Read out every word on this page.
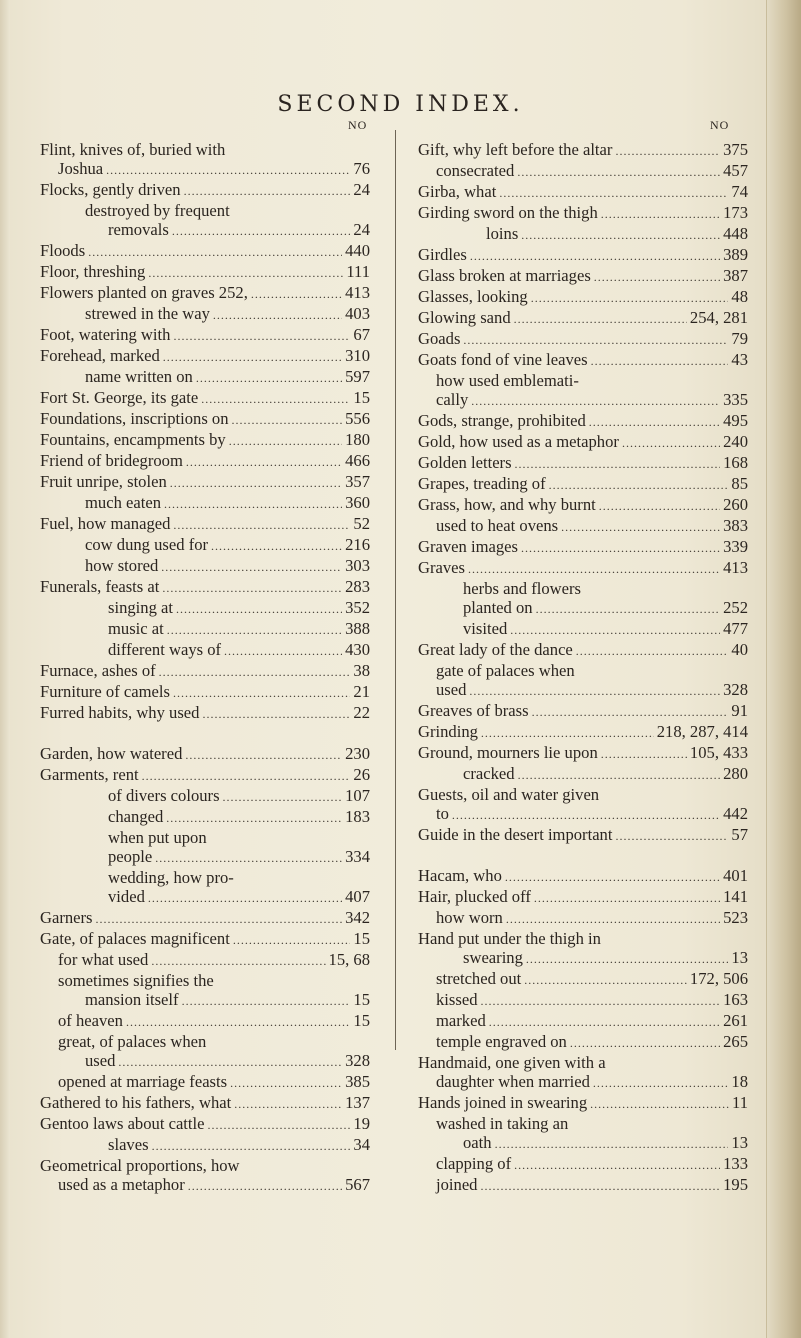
SECOND INDEX.
NO	NO
Flint, knives of, buried with
Joshua .....	76
Flocks, gently driven .....	24
destroyed by frequent
removals .....	24
Floods .....	440
Floor, threshing .....	111
Flowers planted on graves 252, .....	413
strewed in the way .....	403
Foot, watering with .....	67
Forehead, marked .....	310
name written on .....	597
Fort St. George, its gate .....	15
Foundations, inscriptions on .....	556
Fountains, encampments by .....	180
Friend of bridegroom .....	466
Fruit unripe, stolen .....	357
much eaten .....	360
Fuel, how managed .....	52
cow dung used for .....	216
how stored .....	303
Funerals, feasts at .....	283
singing at .....	352
music at .....	388
different ways of .....	430
Furnace, ashes of .....	38
Furniture of camels .....	21
Furred habits, why used .....	22
Garden, how watered .....	230
Garments, rent .....	26
of divers colours .....	107
changed .....	183
when put upon
people .....	334
wedding, how pro-
vided .....	407
Garners .....	342
Gate, of palaces magnificent .....	15
for what used .....	15, 68
sometimes signifies the
mansion itself .....	15
of heaven .....	15
great, of palaces when
used .....	328
opened at marriage feasts .....	385
Gathered to his fathers, what .....	137
Gentoo laws about cattle .....	19
slaves .....	34
Geometrical proportions, how
used as a metaphor .....	567
Gift, why left before the altar .....	375
consecrated .....	457
Girba, what .....	74
Girding sword on the thigh .....	173
loins .....	448
Girdles .....	389
Glass broken at marriages .....	387
Glasses, looking .....	48
Glowing sand .....	254, 281
Goads .....	79
Goats fond of vine leaves .....	43
how used emblemati-
cally .....	335
Gods, strange, prohibited .....	495
Gold, how used as a metaphor .....	240
Golden letters .....	168
Grapes, treading of .....	85
Grass, how, and why burnt .....	260
used to heat ovens .....	383
Graven images .....	339
Graves .....	413
herbs and flowers
planted on .....	252
visited .....	477
Great lady of the dance .....	40
gate of palaces when
used .....	328
Greaves of brass .....	91
Grinding .....	218, 287, 414
Ground, mourners lie upon .....	105, 433
cracked .....	280
Guests, oil and water given
to .....	442
Guide in the desert important .....	57
Hacam, who .....	401
Hair, plucked off .....	141
how worn .....	523
Hand put under the thigh in
swearing .....	13
stretched out .....	172, 506
kissed .....	163
marked .....	261
temple engraved on .....	265
Handmaid, one given with a
daughter when married .....	18
Hands joined in swearing .....	11
washed in taking an
oath .....	13
clapping of .....	133
joined .....	195
